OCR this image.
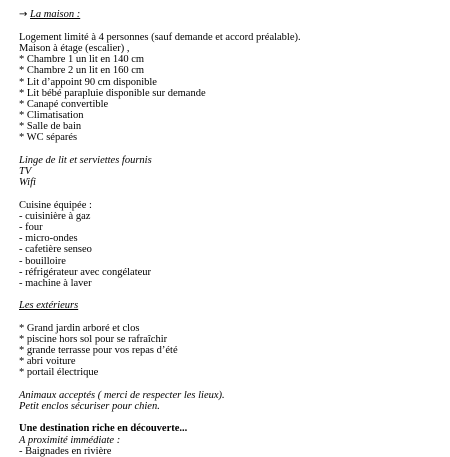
→ La maison :
Logement limité à 4 personnes (sauf demande et accord préalable).
Maison à étage (escalier) ,
* Chambre 1 un lit en 140 cm
* Chambre 2 un lit en 160 cm
* Lit d’appoint 90 cm disponible
* Lit bébé parapluie disponible sur demande
* Canapé convertible
* Climatisation
* Salle de bain
* WC séparés
Linge de lit et serviettes fournis
TV
Wifi
Cuisine équipée :
- cuisinière à gaz
- four
- micro-ondes
- cafetière senseo
- bouilloire
- réfrigérateur avec congélateur
- machine à laver
Les extérieurs
* Grand jardin arboré et clos
* piscine hors sol pour se rafraîchir
* grande terrasse pour vos repas d’été
* abri voiture
* portail électrique
Animaux acceptés ( merci de respecter les lieux).
Petit enclos sécuriser pour chien.
Une destination riche en découverte...
A proximité immédiate :
- Baignades en rivière
